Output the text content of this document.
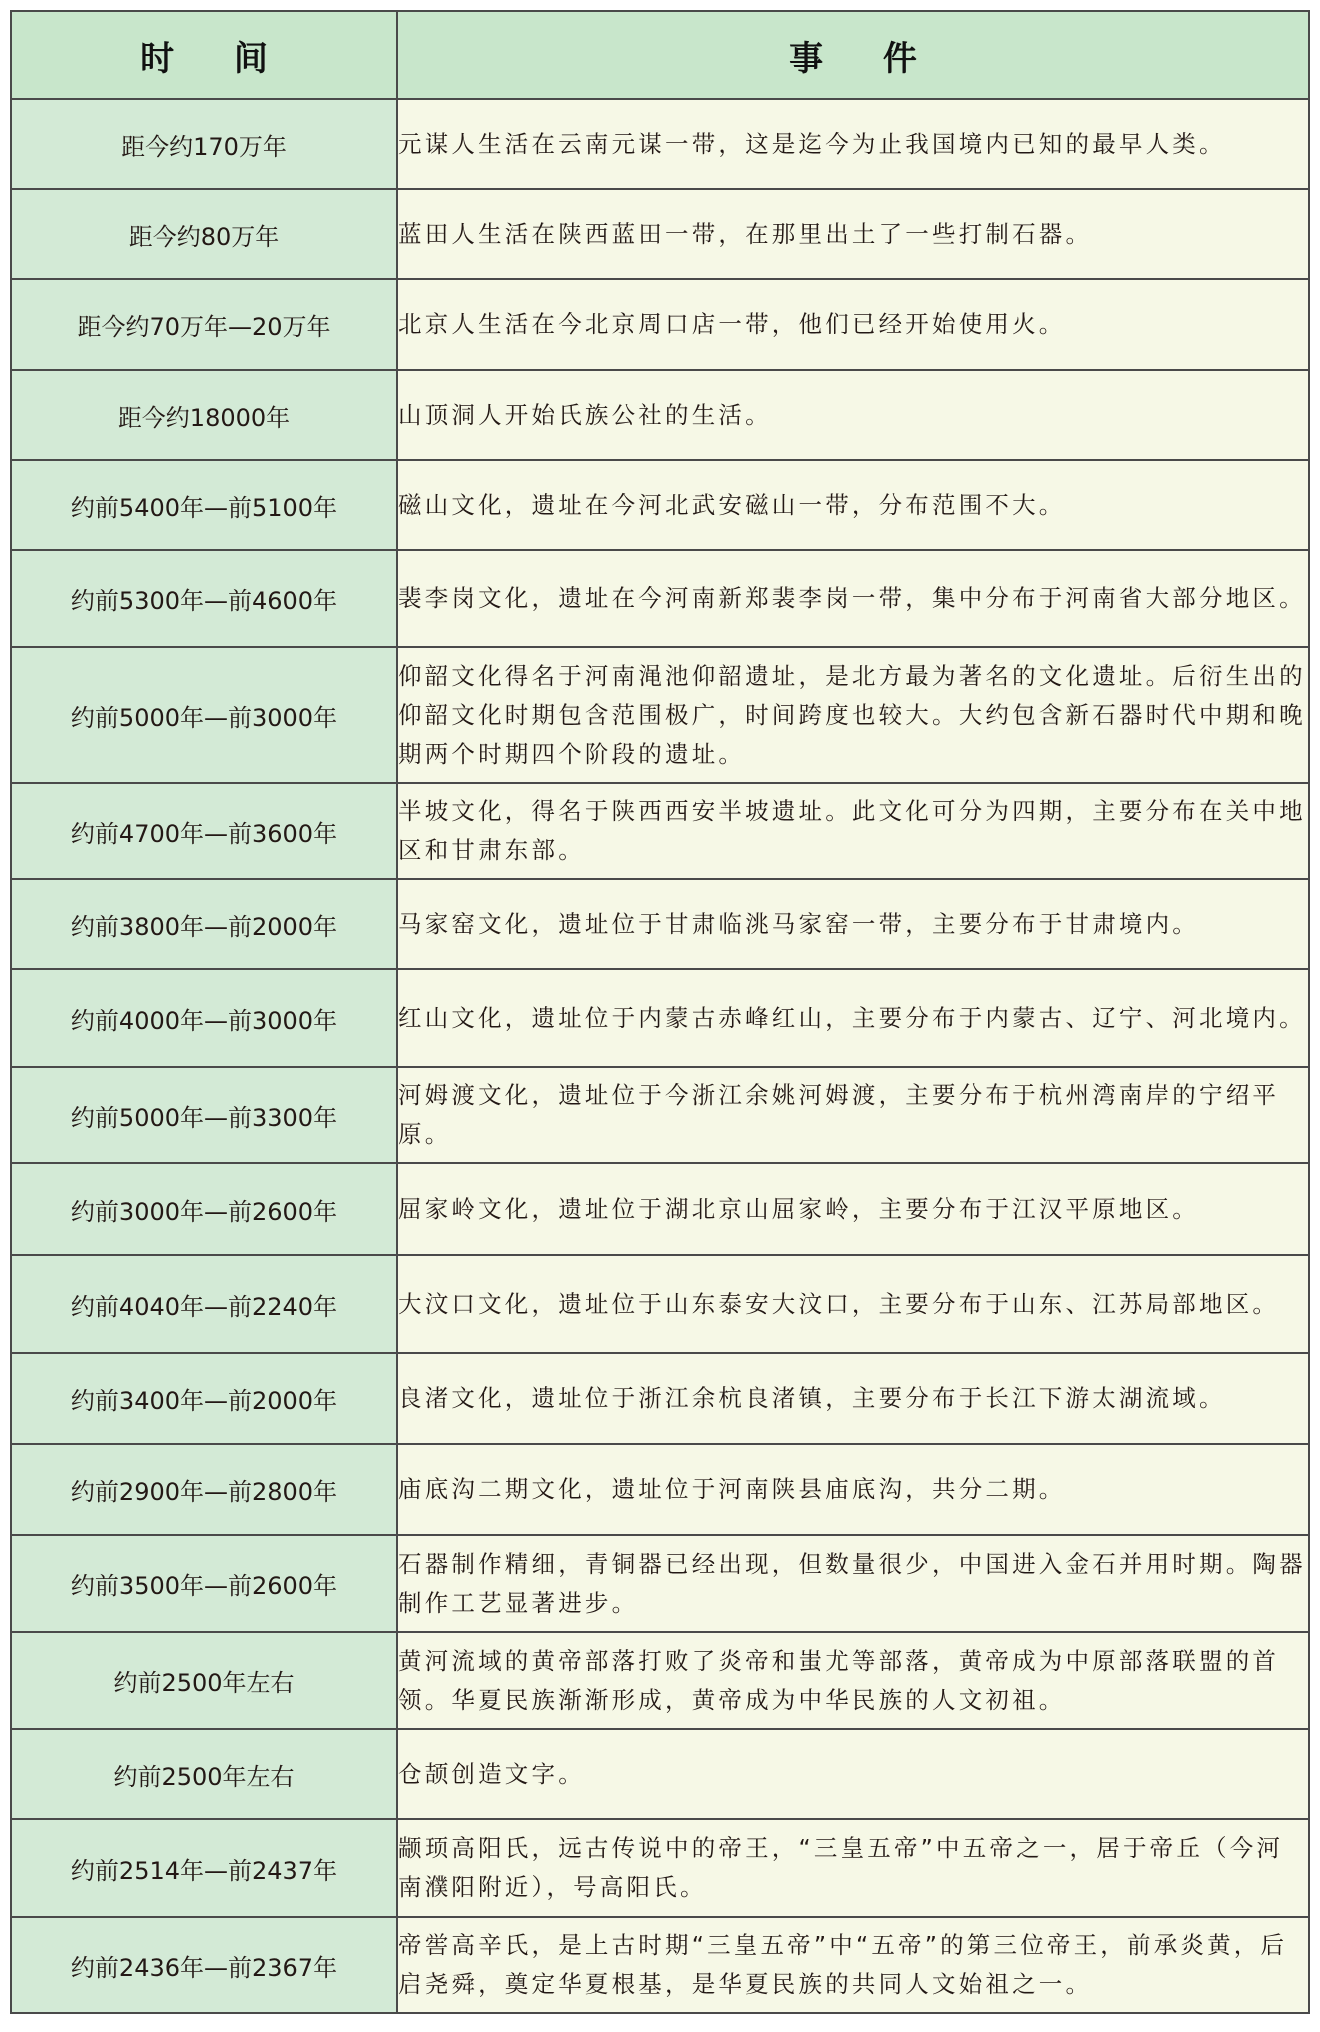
时 间	事 件
距今约170万年	元谋人生活在云南元谋一带，这是迄今为止我国境内已知的最早人类。
距今约80万年	蓝田人生活在陕西蓝田一带，在那里出土了一些打制石器。
距今约70万年—20万年	北京人生活在今北京周口店一带，他们已经开始使用火。
距今约18000年	山顶洞人开始氏族公社的生活。
约前5400年—前5100年	磁山文化，遗址在今河北武安磁山一带，分布范围不大。
约前5300年—前4600年	裴李岗文化，遗址在今河南新郑裴李岗一带，集中分布于河南省大部分地区。
约前5000年—前3000年	仰韶文化得名于河南渑池仰韶遗址，是北方最为著名的文化遗址。后衍生出的仰韶文化时期包含范围极广，时间跨度也较大。大约包含新石器时代中期和晚期两个时期四个阶段的遗址。
约前4700年—前3600年	半坡文化，得名于陕西西安半坡遗址。此文化可分为四期，主要分布在关中地区和甘肃东部。
约前3800年—前2000年	马家窑文化，遗址位于甘肃临洮马家窑一带，主要分布于甘肃境内。
约前4000年—前3000年	红山文化，遗址位于内蒙古赤峰红山，主要分布于内蒙古、辽宁、河北境内。
约前5000年—前3300年	河姆渡文化，遗址位于今浙江余姚河姆渡，主要分布于杭州湾南岸的宁绍平原。
约前3000年—前2600年	屈家岭文化，遗址位于湖北京山屈家岭，主要分布于江汉平原地区。
约前4040年—前2240年	大汶口文化，遗址位于山东泰安大汶口，主要分布于山东、江苏局部地区。
约前3400年—前2000年	良渚文化，遗址位于浙江余杭良渚镇，主要分布于长江下游太湖流域。
约前2900年—前2800年	庙底沟二期文化，遗址位于河南陕县庙底沟，共分二期。
约前3500年—前2600年	石器制作精细，青铜器已经出现，但数量很少，中国进入金石并用时期。陶器制作工艺显著进步。
约前2500年左右	黄河流域的黄帝部落打败了炎帝和蚩尤等部落，黄帝成为中原部落联盟的首领。华夏民族渐渐形成，黄帝成为中华民族的人文初祖。
约前2500年左右	仓颉创造文字。
约前2514年—前2437年	颛顼高阳氏，远古传说中的帝王，“三皇五帝”中五帝之一，居于帝丘（今河南濮阳附近），号高阳氏。
约前2436年—前2367年	帝喾高辛氏，是上古时期“三皇五帝”中“五帝”的第三位帝王，前承炎黄，后启尧舜，奠定华夏根基，是华夏民族的共同人文始祖之一。
